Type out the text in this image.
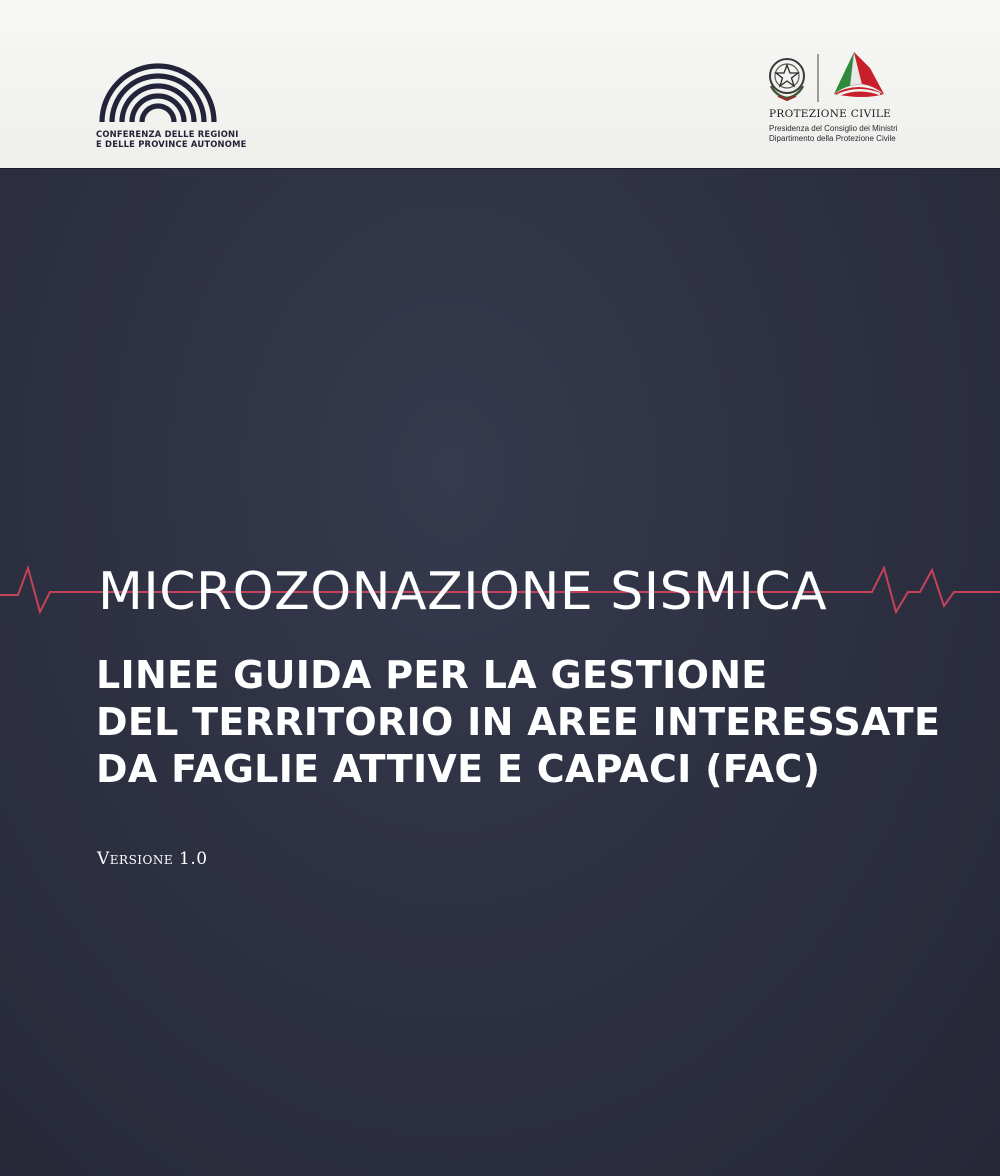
CONFERENZA DELLE REGIONI
E DELLE PROVINCE AUTONOME
PROTEZIONE CIVILE
Presidenza del Consiglio dei Ministri
Dipartimento della Protezione Civile
MICROZONAZIONE SISMICA
LINEE GUIDA PER LA GESTIONE
DEL TERRITORIO IN AREE INTERESSATE
DA FAGLIE ATTIVE E CAPACI (FAC)
Versione 1.0
